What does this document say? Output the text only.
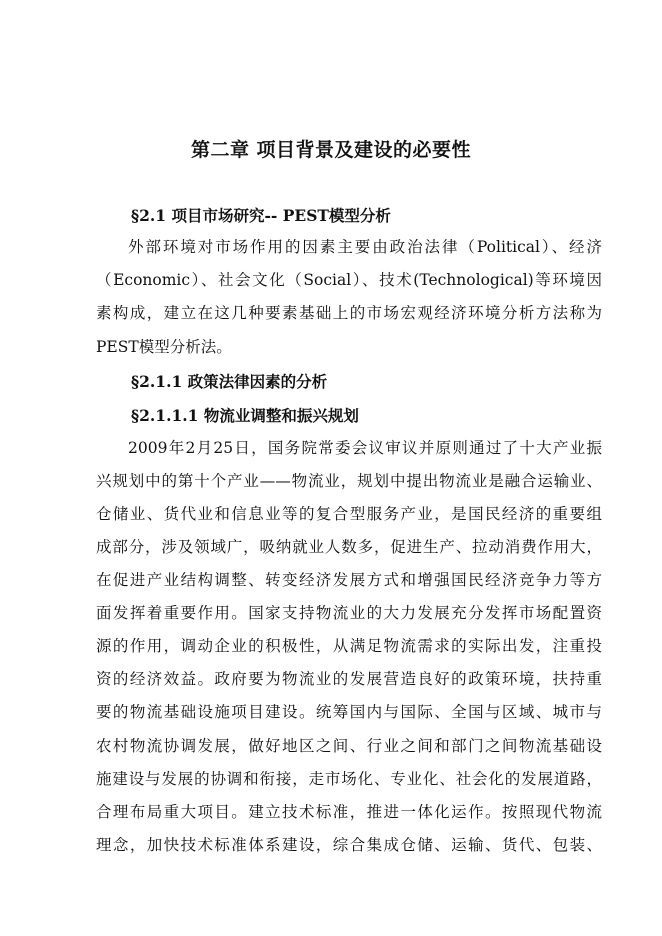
第二章 项目背景及建设的必要性
§2.1 项目市场研究-- PEST模型分析
外部环境对市场作用的因素主要由政治法律（Political）、经济
（Economic）、社会文化（Social）、技术(Technological)等环境因
素构成，建立在这几种要素基础上的市场宏观经济环境分析方法称为
PEST模型分析法。
§2.1.1 政策法律因素的分析
§2.1.1.1 物流业调整和振兴规划
2009年2月25日，国务院常委会议审议并原则通过了十大产业振
兴规划中的第十个产业——物流业，规划中提出物流业是融合运输业、
仓储业、货代业和信息业等的复合型服务产业，是国民经济的重要组
成部分，涉及领域广，吸纳就业人数多，促进生产、拉动消费作用大，
在促进产业结构调整、转变经济发展方式和增强国民经济竞争力等方
面发挥着重要作用。国家支持物流业的大力发展充分发挥市场配置资
源的作用，调动企业的积极性，从满足物流需求的实际出发，注重投
资的经济效益。政府要为物流业的发展营造良好的政策环境，扶持重
要的物流基础设施项目建设。统筹国内与国际、全国与区域、城市与
农村物流协调发展，做好地区之间、行业之间和部门之间物流基础设
施建设与发展的协调和衔接，走市场化、专业化、社会化的发展道路，
合理布局重大项目。建立技术标准，推进一体化运作。按照现代物流
理念，加快技术标准体系建设，综合集成仓储、运输、货代、包装、
